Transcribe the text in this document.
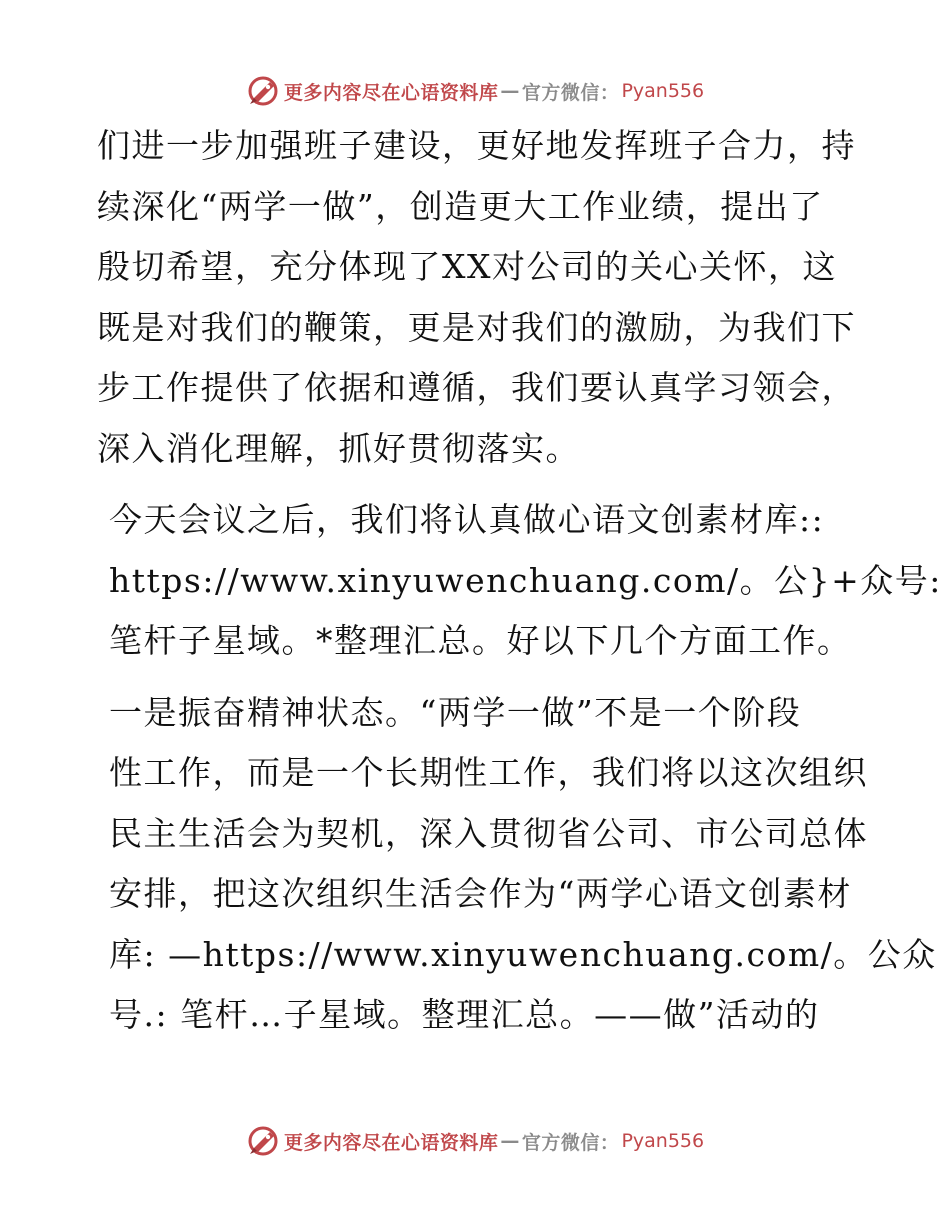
更多内容尽在心语资料库 — 官方微信： Pyan556

们进一步加强班子建设，更好地发挥班子合力，持
续深化“两学一做”，创造更大工作业绩，提出了
殷切希望，充分体现了XX对公司的关心关怀，这
既是对我们的鞭策，更是对我们的激励，为我们下
步工作提供了依据和遵循，我们要认真学习领会，
深入消化理解，抓好贯彻落实。

今天会议之后，我们将认真做心语文创素材库::
https://www.xinyuwenchuang.com/。公}+众号:
笔杆子星域。*整理汇总。好以下几个方面工作。

一是振奋精神状态。“两学一做”不是一个阶段
性工作，而是一个长期性工作，我们将以这次组织
民主生活会为契机，深入贯彻省公司、市公司总体
安排，把这次组织生活会作为“两学心语文创素材
库: —https://www.xinyuwenchuang.com/。公众
号.: 笔杆…子星域。整理汇总。——做”活动的

更多内容尽在心语资料库 — 官方微信： Pyan556
